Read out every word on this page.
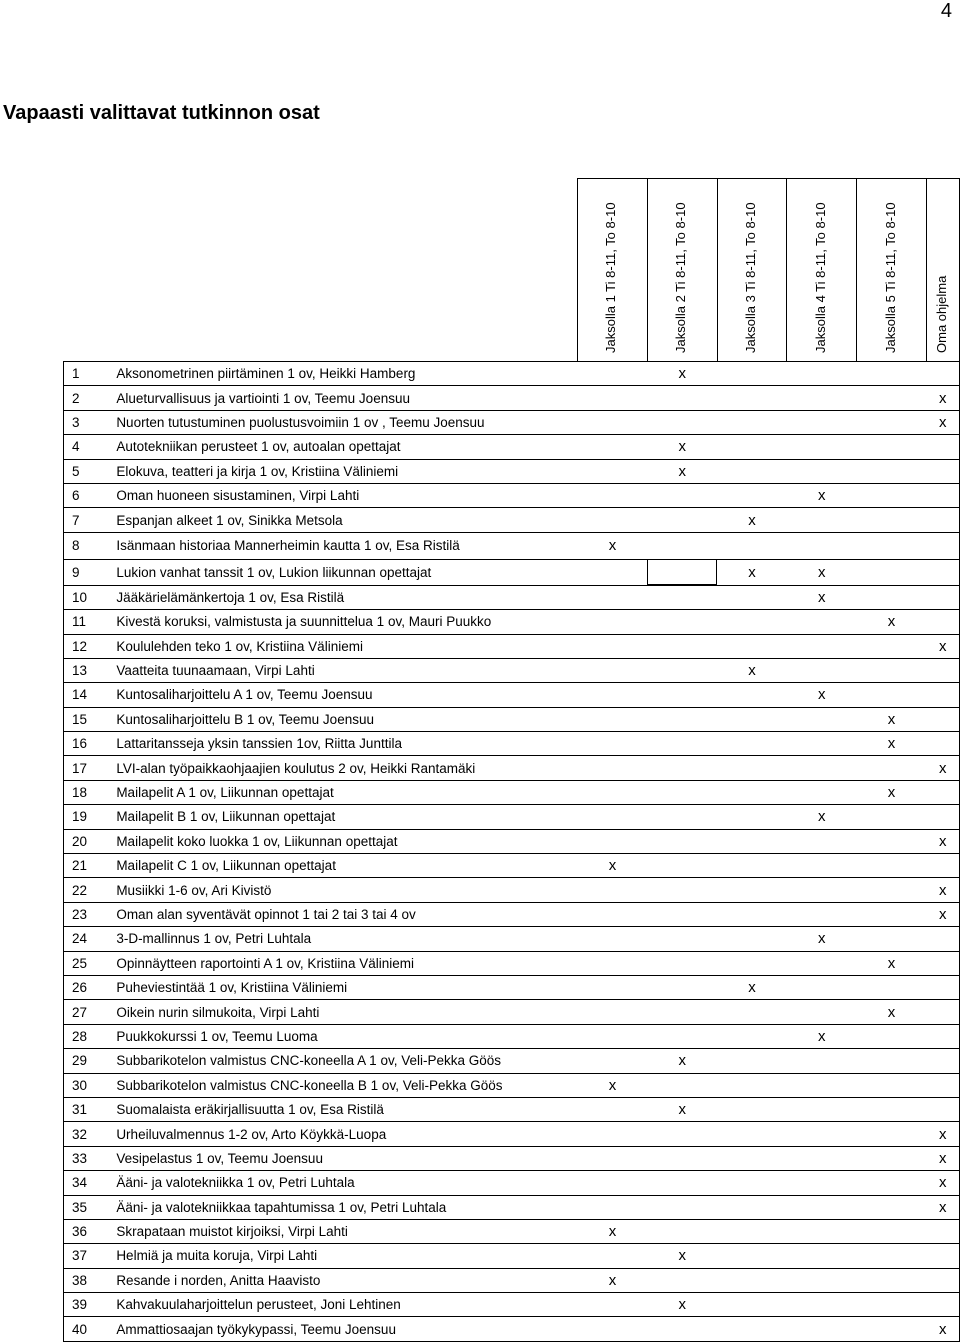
4
Vapaasti valittavat tutkinnon osat

		Jaksolla 1 Ti 8-11, To 8-10	Jaksolla 2 Ti 8-11, To 8-10	Jaksolla 3 Ti 8-11, To 8-10	Jaksolla 4 Ti 8-11, To 8-10	Jaksolla 5 Ti 8-11, To 8-10	Oma ohjelma

1	Aksonometrinen piirtäminen 1 ov, Heikki Hamberg		x				
2	Alueturvallisuus ja vartiointi 1 ov, Teemu Joensuu						x
3	Nuorten tutustuminen puolustusvoimiin 1 ov , Teemu Joensuu						x
4	Autotekniikan perusteet 1 ov, autoalan opettajat		x				
5	Elokuva, teatteri ja kirja 1 ov, Kristiina Väliniemi		x				
6	Oman huoneen sisustaminen, Virpi Lahti				x		
7	Espanjan alkeet 1 ov, Sinikka Metsola			x			
8	Isänmaan historiaa Mannerheimin kautta 1 ov, Esa Ristilä	x					
9	Lukion vanhat tanssit 1 ov, Lukion liikunnan opettajat			x	x		
10	Jääkärielämänkertoja 1 ov, Esa Ristilä				x		
11	Kivestä koruksi, valmistusta ja suunnittelua 1 ov, Mauri Puukko					x	
12	Koululehden teko 1 ov, Kristiina Väliniemi						x
13	Vaatteita tuunaamaan, Virpi Lahti			x			
14	Kuntosaliharjoittelu A 1 ov, Teemu Joensuu				x		
15	Kuntosaliharjoittelu B 1 ov, Teemu Joensuu					x	
16	Lattaritansseja yksin tanssien 1ov, Riitta Junttila					x	
17	LVI-alan työpaikkaohjaajien koulutus 2 ov, Heikki Rantamäki						x
18	Mailapelit A 1 ov, Liikunnan opettajat					x	
19	Mailapelit B 1 ov, Liikunnan opettajat				x		
20	Mailapelit koko luokka 1 ov, Liikunnan opettajat						x
21	Mailapelit C 1 ov, Liikunnan opettajat	x					
22	Musiikki 1-6 ov, Ari Kivistö						x
23	Oman alan syventävät opinnot 1 tai 2 tai 3 tai 4 ov						x
24	3-D-mallinnus 1 ov, Petri Luhtala				x		
25	Opinnäytteen raportointi A 1 ov, Kristiina Väliniemi					x	
26	Puheviestintää 1 ov, Kristiina Väliniemi			x			
27	Oikein nurin silmukoita, Virpi Lahti					x	
28	Puukkokurssi 1 ov, Teemu Luoma				x		
29	Subbarikotelon valmistus CNC-koneella A 1 ov, Veli-Pekka Göös		x				
30	Subbarikotelon valmistus CNC-koneella B 1 ov, Veli-Pekka Göös	x					
31	Suomalaista eräkirjallisuutta 1 ov, Esa Ristilä		x				
32	Urheiluvalmennus 1-2 ov, Arto Köykkä-Luopa						x
33	Vesipelastus 1 ov, Teemu Joensuu						x
34	Ääni- ja valotekniikka 1 ov, Petri Luhtala						x
35	Ääni- ja valotekniikkaa tapahtumissa 1 ov, Petri Luhtala						x
36	Skrapataan muistot kirjoiksi, Virpi Lahti	x					
37	Helmiä ja muita koruja, Virpi Lahti		x				
38	Resande i norden, Anitta Haavisto	x					
39	Kahvakuulaharjoittelun perusteet, Joni Lehtinen		x				
40	Ammattiosaajan työkykypassi, Teemu Joensuu						x
